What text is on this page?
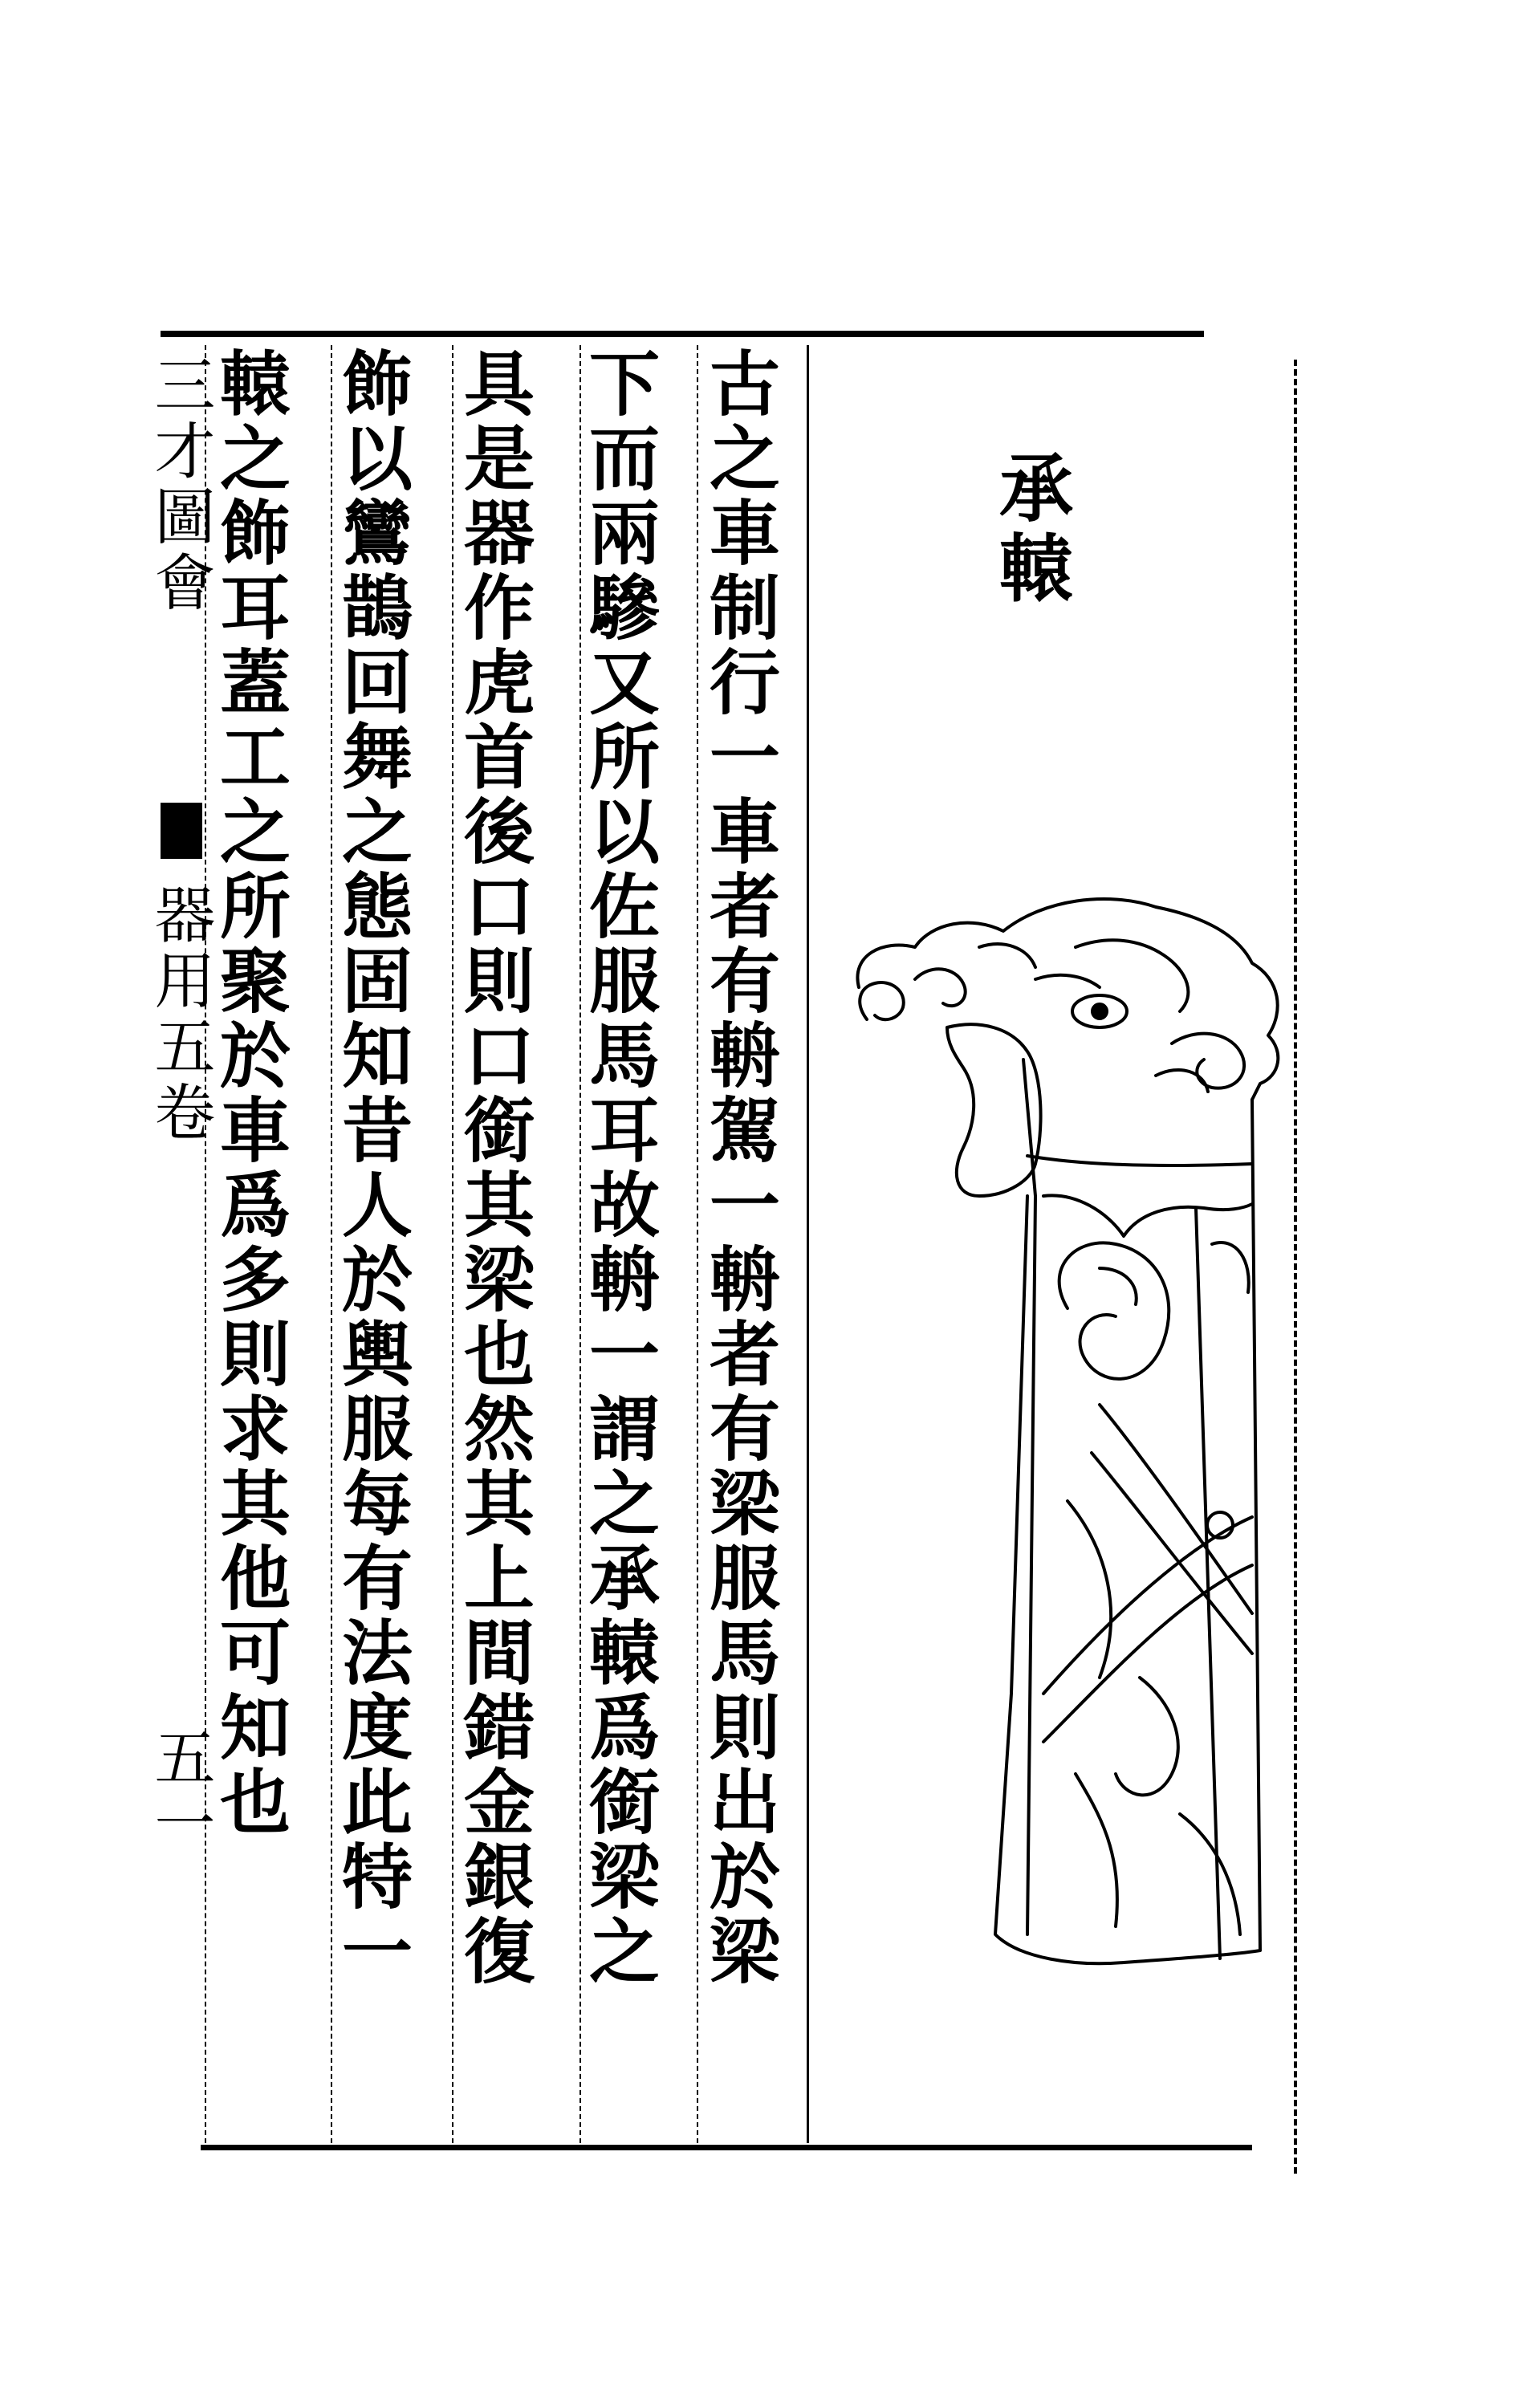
承轅
古之車制行一車者有輈駕一輈者有梁服馬則出於梁
下而兩驂又所以佐服馬耳故輈一謂之承轅爲銜梁之
具是器作虎首後口則口銜其梁也然其上間錯金銀復
飾以鸞鵲回舞之態固知昔人於輿服每有法度此特一
轅之飾耳蓋工之所聚於車爲多則求其他可知也
三才圖會
器用五卷
五一
